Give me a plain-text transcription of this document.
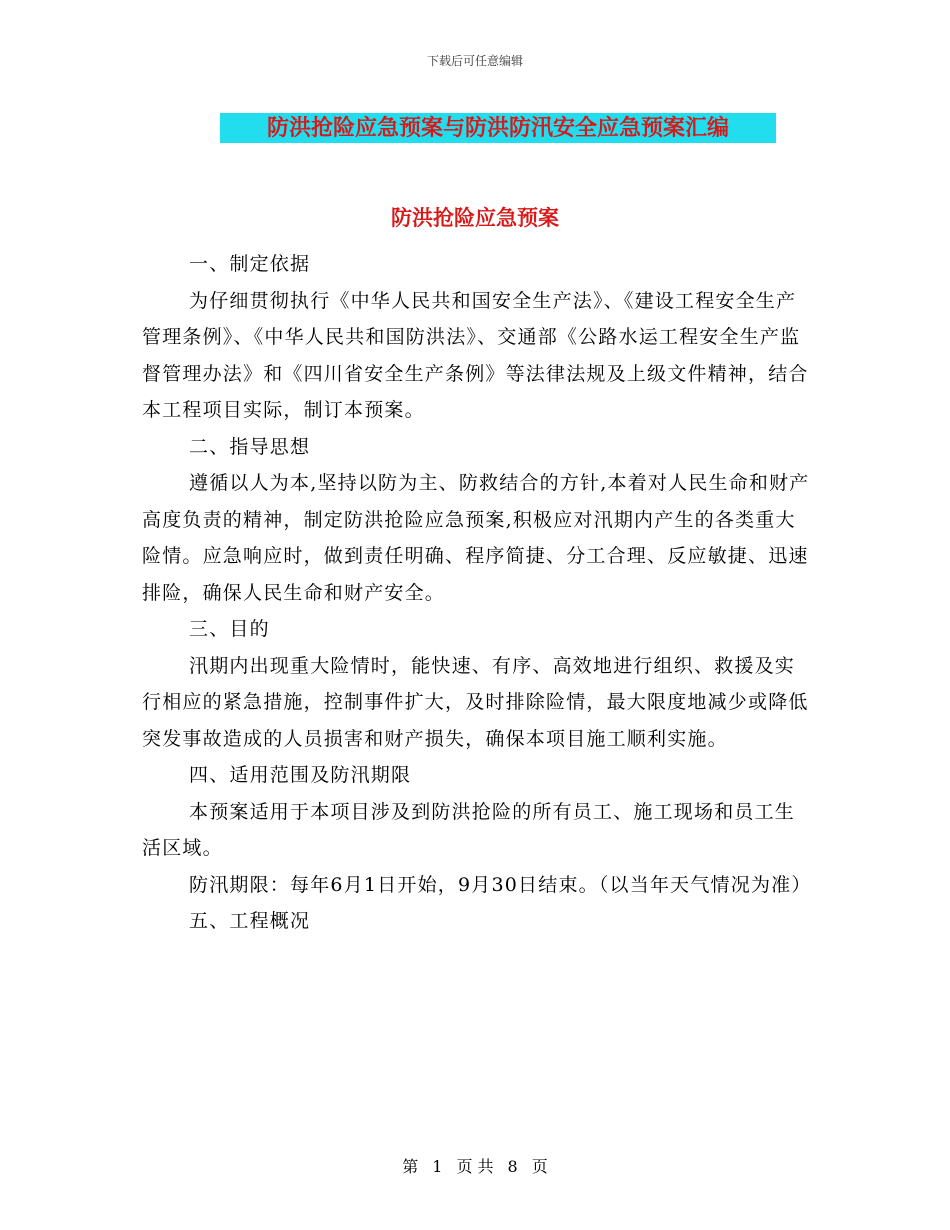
下载后可任意编辑
防洪抢险应急预案与防洪防汛安全应急预案汇编
防洪抢险应急预案

一、制定依据

为仔细贯彻执行《中华人民共和国安全生产法》、《建设工程安全生产管理条例》、《中华人民共和国防洪法》、交通部《公路水运工程安全生产监督管理办法》和《四川省安全生产条例》等法律法规及上级文件精神，结合本工程项目实际，制订本预案。

二、指导思想

遵循以人为本,坚持以防为主、防救结合的方针,本着对人民生命和财产高度负责的精神，制定防洪抢险应急预案,积极应对汛期内产生的各类重大险情。应急响应时，做到责任明确、程序简捷、分工合理、反应敏捷、迅速排险，确保人民生命和财产安全。

三、目的

汛期内出现重大险情时，能快速、有序、高效地进行组织、救援及实行相应的紧急措施，控制事件扩大，及时排除险情，最大限度地减少或降低突发事故造成的人员损害和财产损失，确保本项目施工顺利实施。

四、适用范围及防汛期限

本预案适用于本项目涉及到防洪抢险的所有员工、施工现场和员工生活区域。

防汛期限：每年6月1日开始，9月30日结束。（以当年天气情况为准）

五、工程概况

第 1 页 共 8 页
